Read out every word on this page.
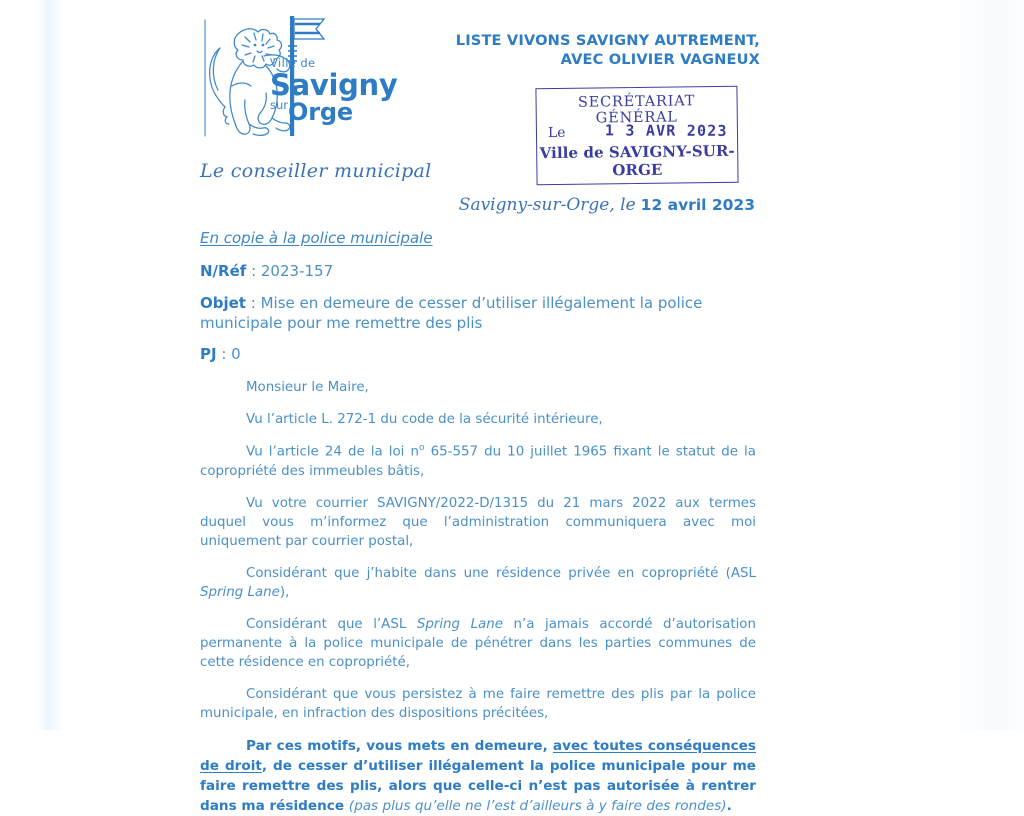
Ville de
Savigny
$^{sur}$Orge
LISTE VIVONS SAVIGNY AUTREMENT,
AVEC OLIVIER VAGNEUX
SECRÉTARIAT GÉNÉRAL
Le	1 3 AVR 2023
Ville de SAVIGNY-SUR-ORGE
Le conseiller municipal
Savigny-sur-Orge, le 12 avril 2023
En copie à la police municipale
N/Réf : 2023-157
Objet : Mise en demeure de cesser d’utiliser illégalement la police municipale pour me remettre des plis
PJ : 0

Monsieur le Maire,

Vu l’article L. 272-1 du code de la sécurité intérieure,

Vu l’article 24 de la loi $n^o$ 65-557 du 10 juillet 1965 fixant le statut de la copropriété des immeubles bâtis,

Vu votre courrier SAVIGNY/2022-D/1315 du 21 mars 2022 aux termes duquel vous m’informez que l’administration communiquera avec moi uniquement par courrier postal,

Considérant que j’habite dans une résidence privée en copropriété (ASL Spring Lane),

Considérant que l’ASL Spring Lane n’a jamais accordé d’autorisation permanente à la police municipale de pénétrer dans les parties communes de cette résidence en copropriété,

Considérant que vous persistez à me faire remettre des plis par la police municipale, en infraction des dispositions précitées,

Par ces motifs, vous mets en demeure, avec toutes conséquences de droit, de cesser d’utiliser illégalement la police municipale pour me faire remettre des plis, alors que celle-ci n’est pas autorisée à rentrer dans ma résidence (pas plus qu’elle ne l’est d’ailleurs à y faire des rondes).
